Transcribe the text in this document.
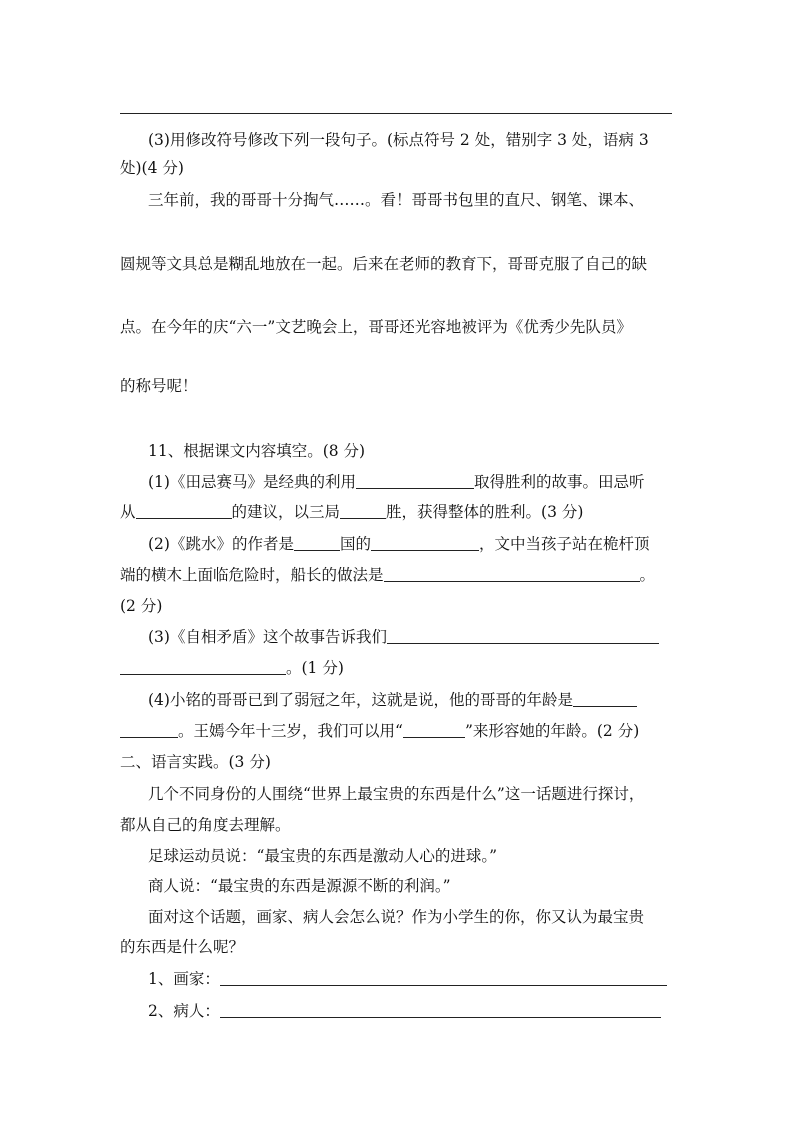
(3)用修改符号修改下列一段句子。(标点符号 2 处，错别字 3 处，语病 3
处)(4 分)
三年前，我的哥哥十分掏气……。看！哥哥书包里的直尺、钢笔、课本、
圆规等文具总是糊乱地放在一起。后来在老师的教育下，哥哥克服了自己的缺
点。在今年的庆“六一”文艺晚会上，哥哥还光容地被评为《优秀少先队员》
的称号呢！
11、根据课文内容填空。(8 分)
(1)《田忌赛马》是经典的利用	取得胜利的故事。田忌听
从	的建议，以三局	胜，获得整体的胜利。(3 分)
(2)《跳水》的作者是	国的	，文中当孩子站在桅杆顶
端的横木上面临危险时，船长的做法是	。
(2 分)
(3)《自相矛盾》这个故事告诉我们
。(1 分)
(4)小铭的哥哥已到了弱冠之年，这就是说，他的哥哥的年龄是
。王嫣今年十三岁，我们可以用“	”来形容她的年龄。(2 分)
二、语言实践。(3 分)
几个不同身份的人围绕“世界上最宝贵的东西是什么”这一话题进行探讨，
都从自己的角度去理解。
足球运动员说：“最宝贵的东西是激动人心的进球。”
商人说：“最宝贵的东西是源源不断的利润。”
面对这个话题，画家、病人会怎么说？作为小学生的你，你又认为最宝贵
的东西是什么呢？
1、画家：
2、病人：
